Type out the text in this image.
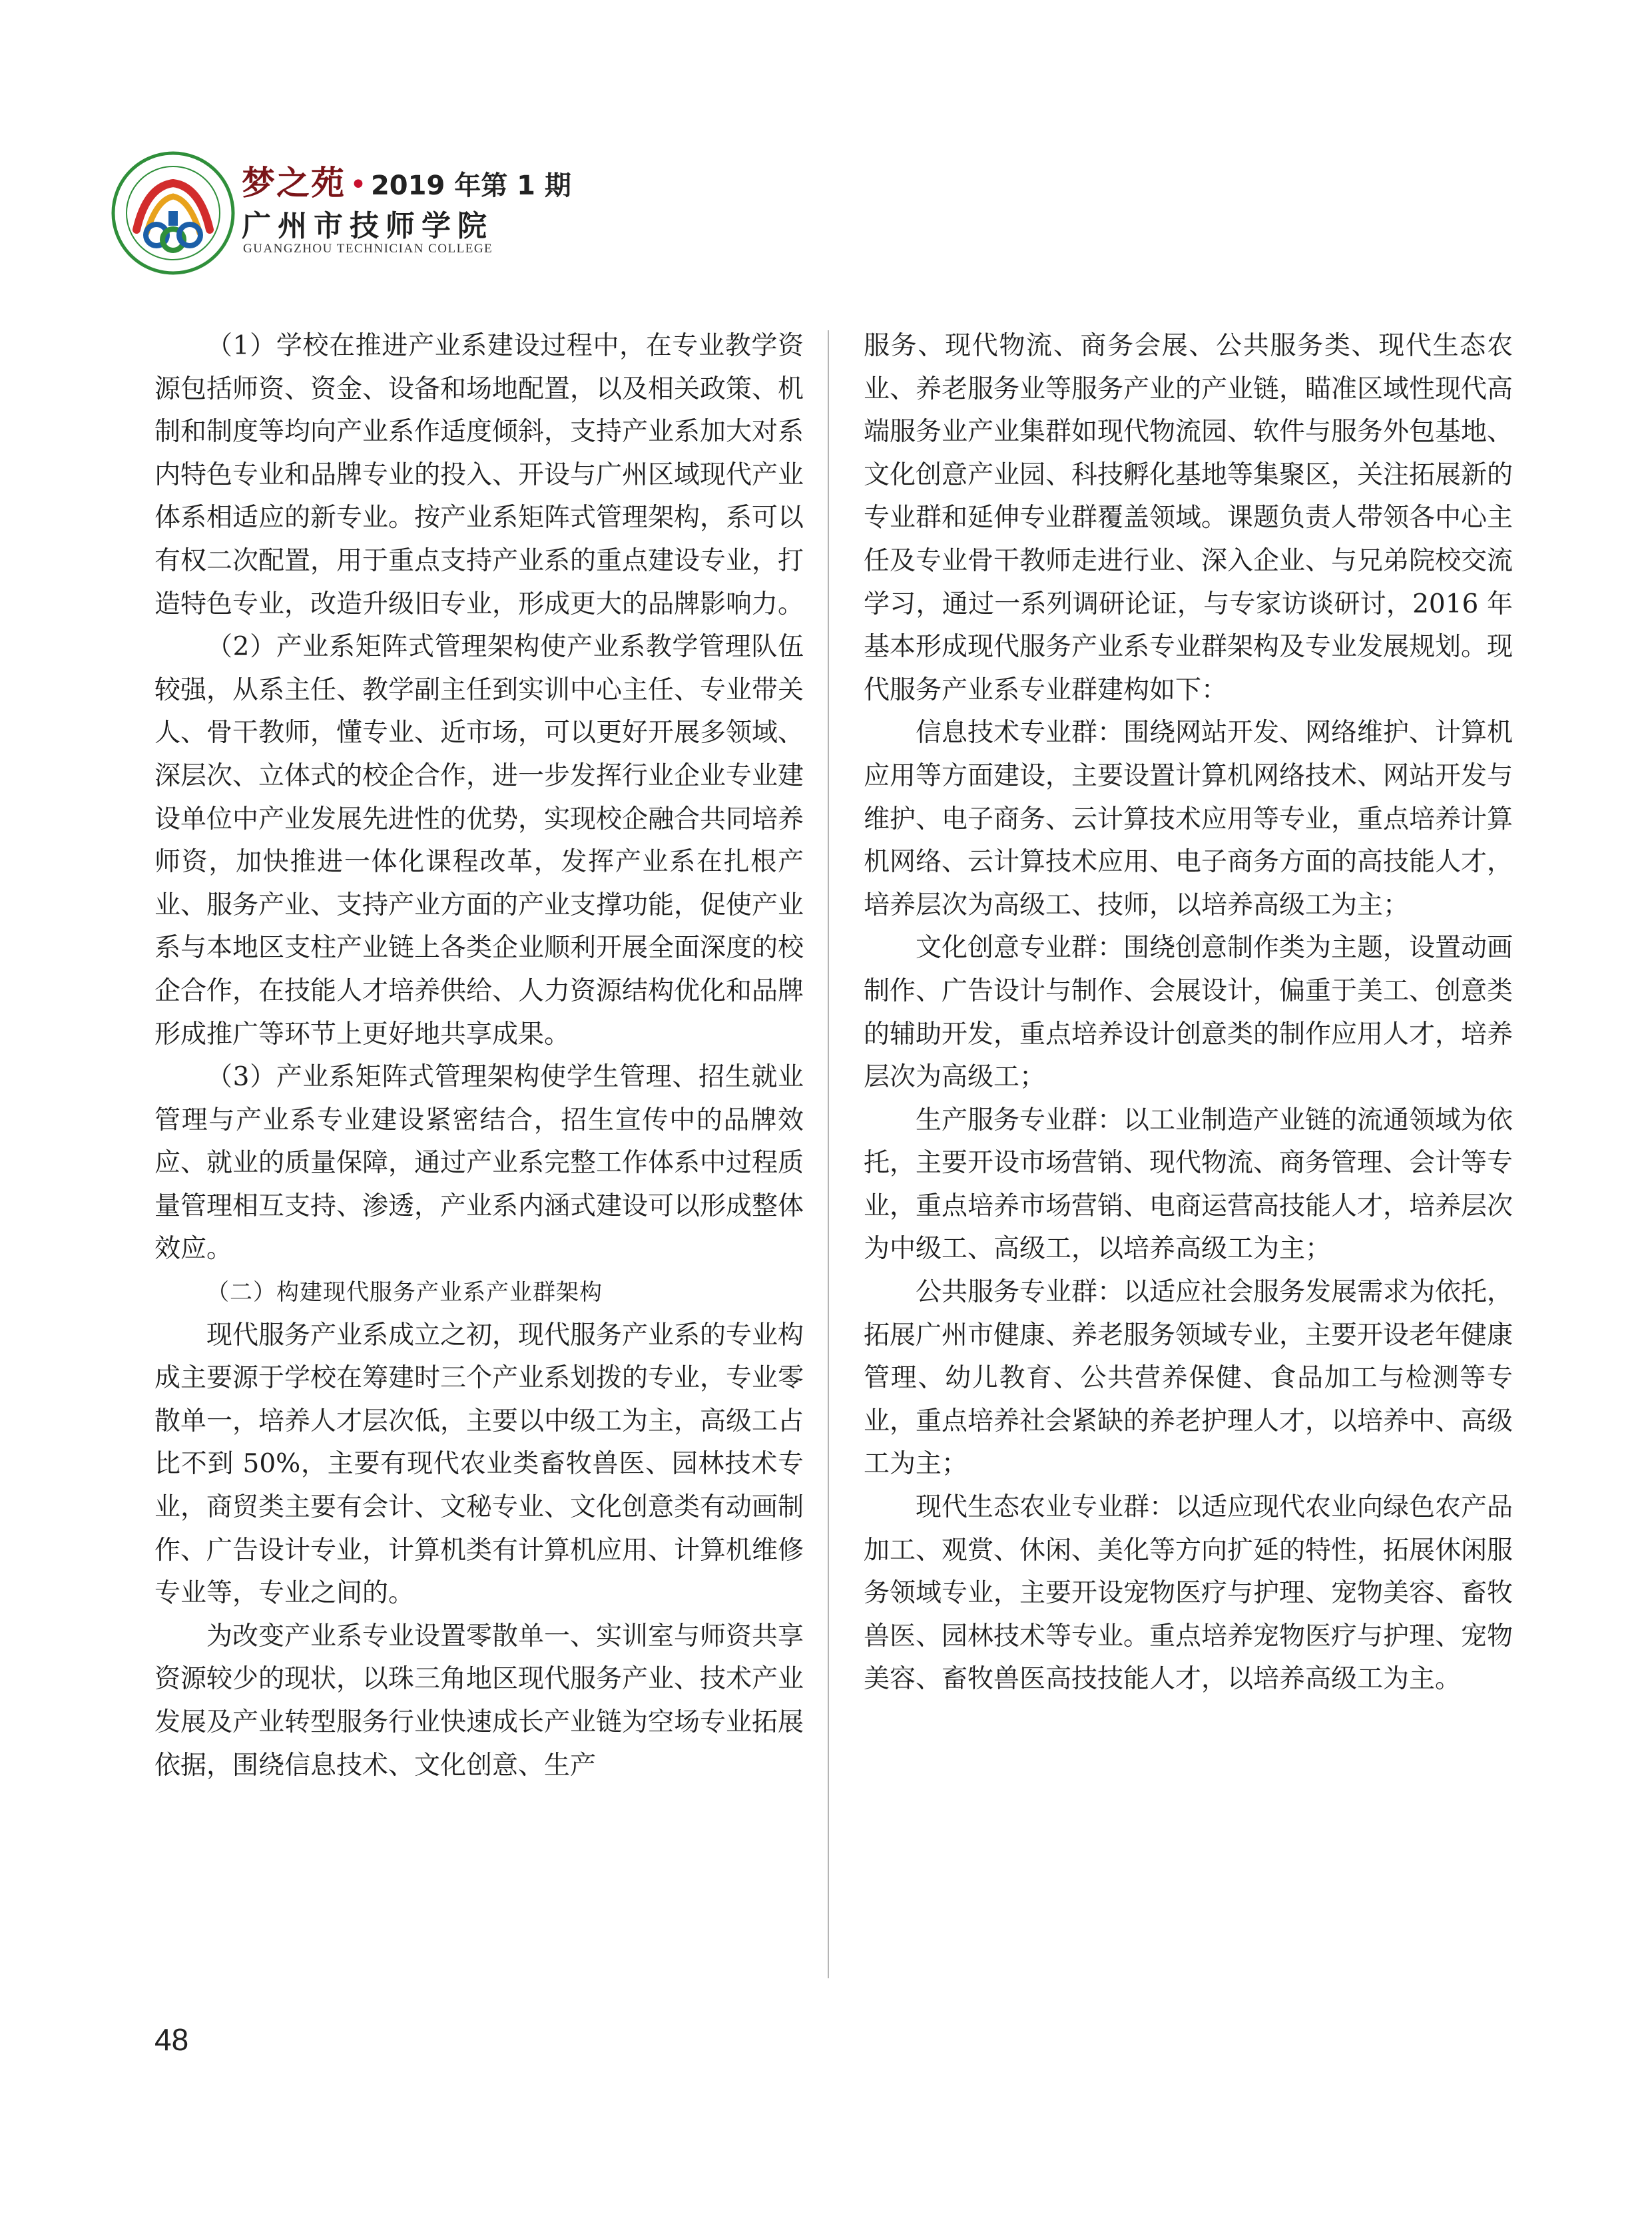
梦之苑 • 2019 年第 1 期
广州市技师学院
GUANGZHOU TECHNICIAN COLLEGE

（1）学校在推进产业系建设过程中，在专业教学资源包括师资、资金、设备和场地配置，以及相关政策、机制和制度等均向产业系作适度倾斜，支持产业系加大对系内特色专业和品牌专业的投入、开设与广州区域现代产业体系相适应的新专业。按产业系矩阵式管理架构，系可以有权二次配置，用于重点支持产业系的重点建设专业，打造特色专业，改造升级旧专业，形成更大的品牌影响力。

（2）产业系矩阵式管理架构使产业系教学管理队伍较强，从系主任、教学副主任到实训中心主任、专业带关人、骨干教师，懂专业、近市场，可以更好开展多领域、深层次、立体式的校企合作，进一步发挥行业企业专业建设单位中产业发展先进性的优势，实现校企融合共同培养师资，加快推进一体化课程改革，发挥产业系在扎根产业、服务产业、支持产业方面的产业支撑功能，促使产业系与本地区支柱产业链上各类企业顺利开展全面深度的校企合作，在技能人才培养供给、人力资源结构优化和品牌形成推广等环节上更好地共享成果。

（3）产业系矩阵式管理架构使学生管理、招生就业管理与产业系专业建设紧密结合，招生宣传中的品牌效应、就业的质量保障，通过产业系完整工作体系中过程质量管理相互支持、渗透，产业系内涵式建设可以形成整体效应。

（二）构建现代服务产业系产业群架构

现代服务产业系成立之初，现代服务产业系的专业构成主要源于学校在筹建时三个产业系划拨的专业，专业零散单一，培养人才层次低，主要以中级工为主，高级工占比不到 50%，主要有现代农业类畜牧兽医、园林技术专业，商贸类主要有会计、文秘专业、文化创意类有动画制作、广告设计专业，计算机类有计算机应用、计算机维修专业等，专业之间的。

为改变产业系专业设置零散单一、实训室与师资共享资源较少的现状，以珠三角地区现代服务产业、技术产业发展及产业转型服务行业快速成长产业链为空场专业拓展依据，围绕信息技术、文化创意、生产

服务、现代物流、商务会展、公共服务类、现代生态农业、养老服务业等服务产业的产业链，瞄准区域性现代高端服务业产业集群如现代物流园、软件与服务外包基地、文化创意产业园、科技孵化基地等集聚区，关注拓展新的专业群和延伸专业群覆盖领域。课题负责人带领各中心主任及专业骨干教师走进行业、深入企业、与兄弟院校交流学习，通过一系列调研论证，与专家访谈研讨，2016 年基本形成现代服务产业系专业群架构及专业发展规划。现代服务产业系专业群建构如下：

信息技术专业群：围绕网站开发、网络维护、计算机应用等方面建设，主要设置计算机网络技术、网站开发与维护、电子商务、云计算技术应用等专业，重点培养计算机网络、云计算技术应用、电子商务方面的高技能人才，培养层次为高级工、技师，以培养高级工为主；

文化创意专业群：围绕创意制作类为主题，设置动画制作、广告设计与制作、会展设计，偏重于美工、创意类的辅助开发，重点培养设计创意类的制作应用人才，培养层次为高级工；

生产服务专业群：以工业制造产业链的流通领域为依托，主要开设市场营销、现代物流、商务管理、会计等专业，重点培养市场营销、电商运营高技能人才，培养层次为中级工、高级工，以培养高级工为主；

公共服务专业群：以适应社会服务发展需求为依托，拓展广州市健康、养老服务领域专业，主要开设老年健康管理、幼儿教育、公共营养保健、食品加工与检测等专业，重点培养社会紧缺的养老护理人才，以培养中、高级工为主；

现代生态农业专业群：以适应现代农业向绿色农产品加工、观赏、休闲、美化等方向扩延的特性，拓展休闲服务领域专业，主要开设宠物医疗与护理、宠物美容、畜牧兽医、园林技术等专业。重点培养宠物医疗与护理、宠物美容、畜牧兽医高技技能人才，以培养高级工为主。

48
